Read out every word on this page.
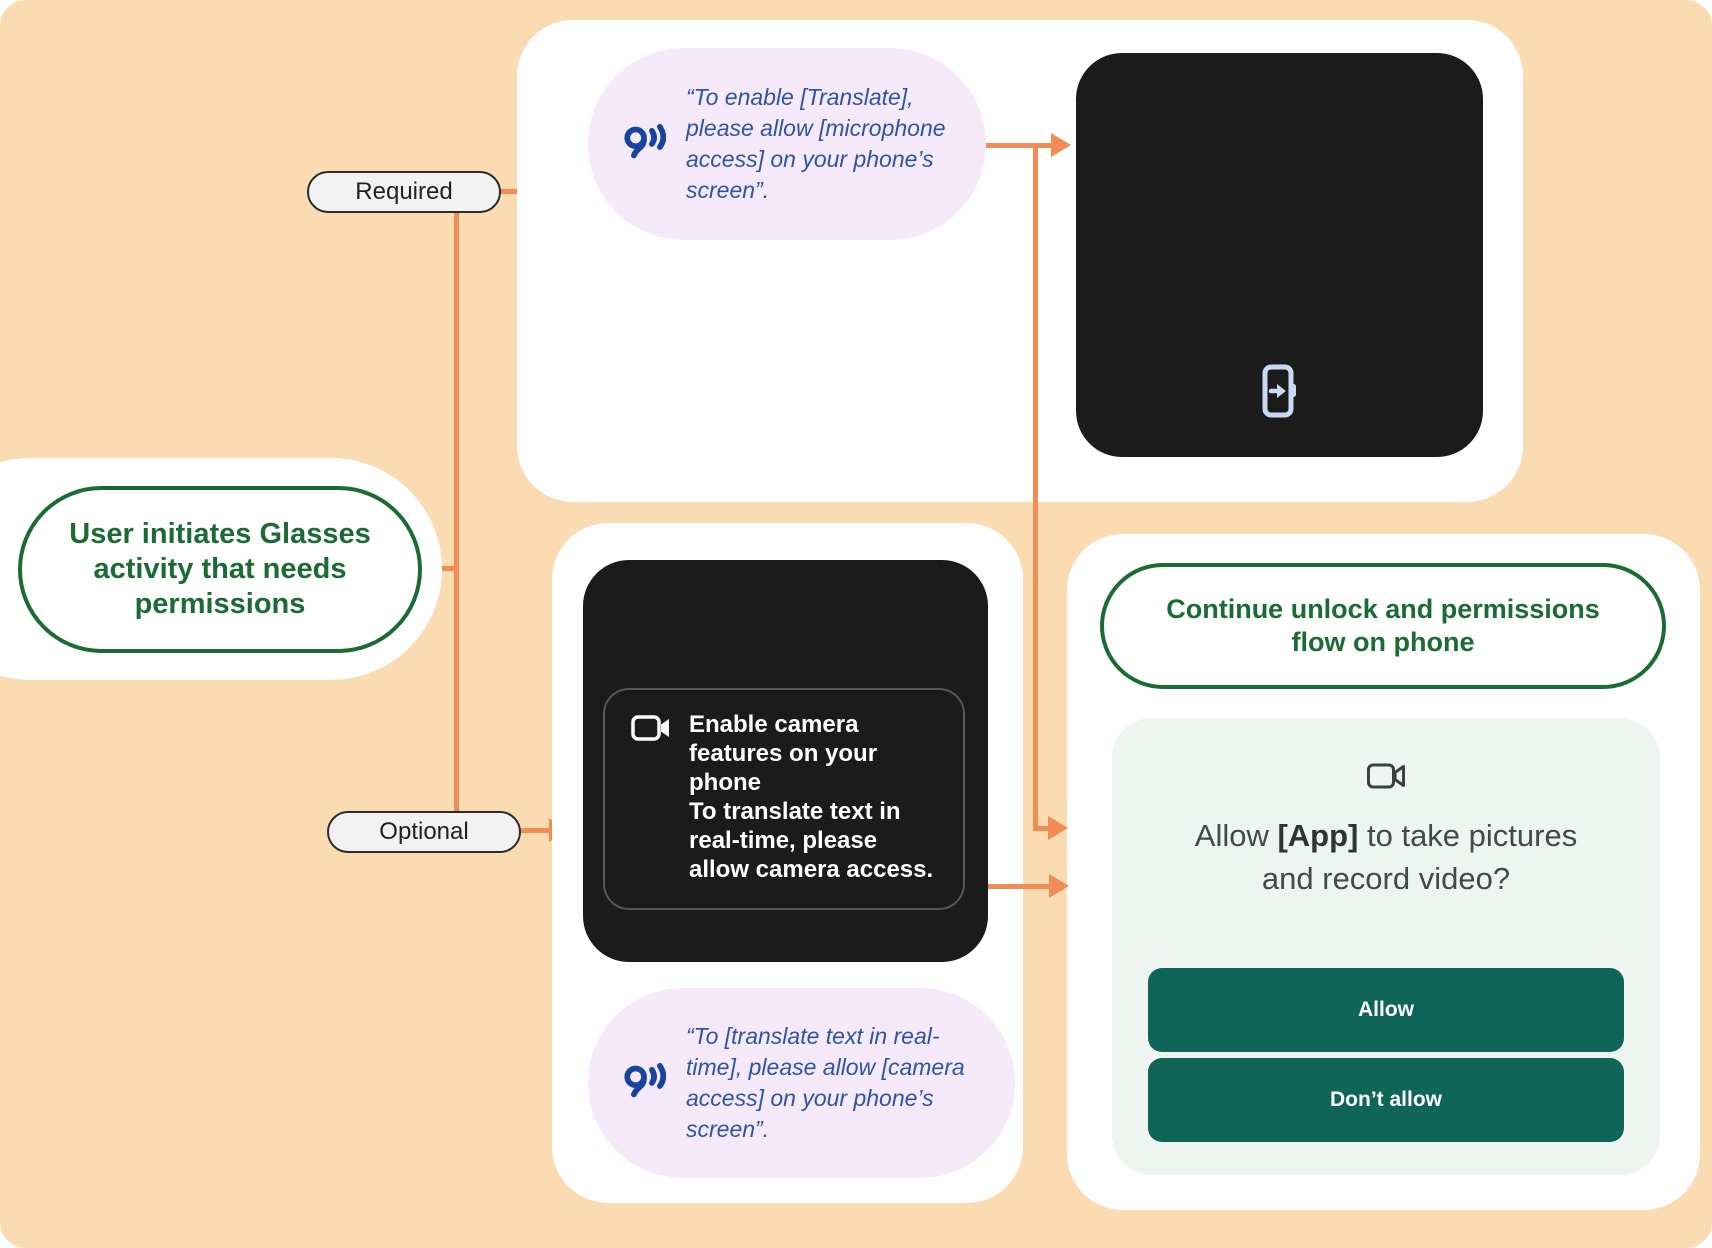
User initiates Glasses
activity that needs
permissions
Required
Optional
“To enable [Translate],
please allow [microphone
access] on your phone’s
screen”.
Enable camera
features on your
phone
To translate text in
real-time, please
allow camera access.
“To [translate text in real-
time], please allow [camera
access] on your phone’s
screen”.
Continue unlock and permissions
flow on phone
Allow [App] to take pictures
and record video?
Allow
Don’t allow
